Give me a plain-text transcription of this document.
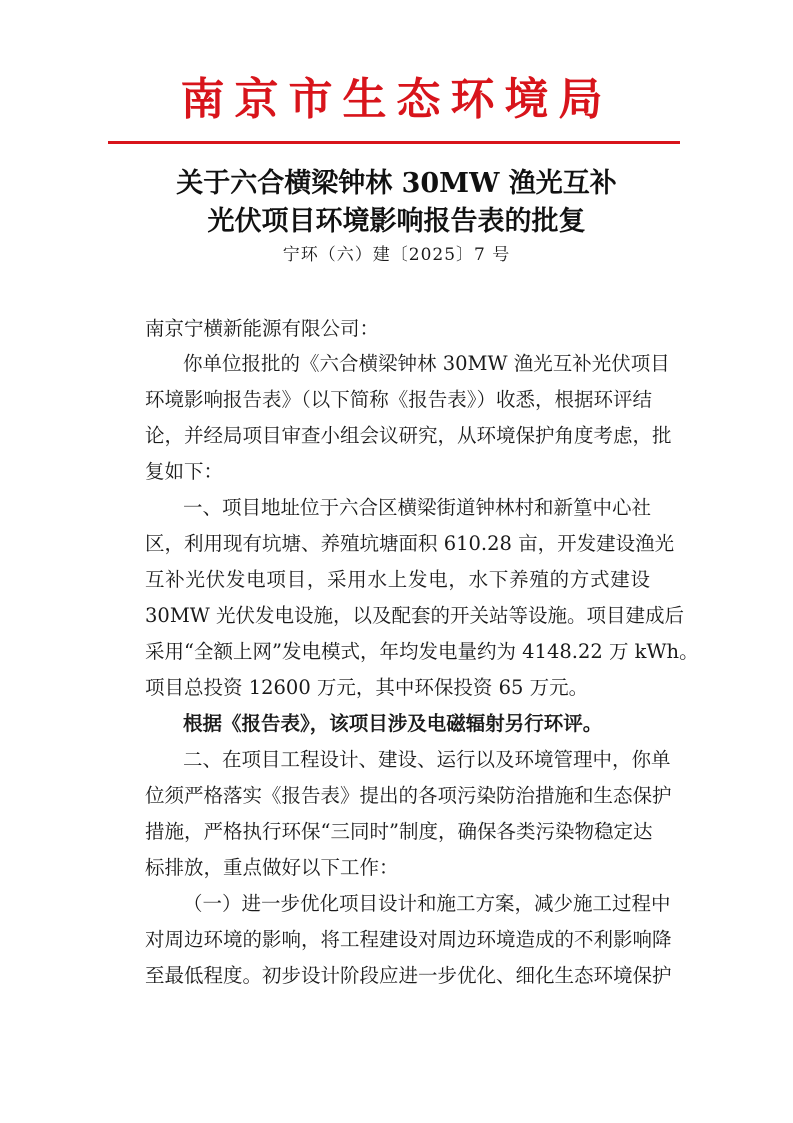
南京市生态环境局
关于六合横梁钟林 30MW 渔光互补
光伏项目环境影响报告表的批复
宁环（六）建〔2025〕7 号
南京宁横新能源有限公司：
你单位报批的《六合横梁钟林 30MW 渔光互补光伏项目
环境影响报告表》（以下简称《报告表》）收悉，根据环评结
论，并经局项目审查小组会议研究，从环境保护角度考虑，批
复如下：
一、项目地址位于六合区横梁街道钟林村和新篁中心社
区，利用现有坑塘、养殖坑塘面积 610.28 亩，开发建设渔光
互补光伏发电项目，采用水上发电，水下养殖的方式建设
30MW 光伏发电设施，以及配套的开关站等设施。项目建成后
采用“全额上网”发电模式，年均发电量约为 4148.22 万 kWh。
项目总投资 12600 万元，其中环保投资 65 万元。
根据《报告表》，该项目涉及电磁辐射另行环评。
二、在项目工程设计、建设、运行以及环境管理中，你单
位须严格落实《报告表》提出的各项污染防治措施和生态保护
措施，严格执行环保“三同时”制度，确保各类污染物稳定达
标排放，重点做好以下工作：
（一）进一步优化项目设计和施工方案，减少施工过程中
对周边环境的影响，将工程建设对周边环境造成的不利影响降
至最低程度。初步设计阶段应进一步优化、细化生态环境保护
